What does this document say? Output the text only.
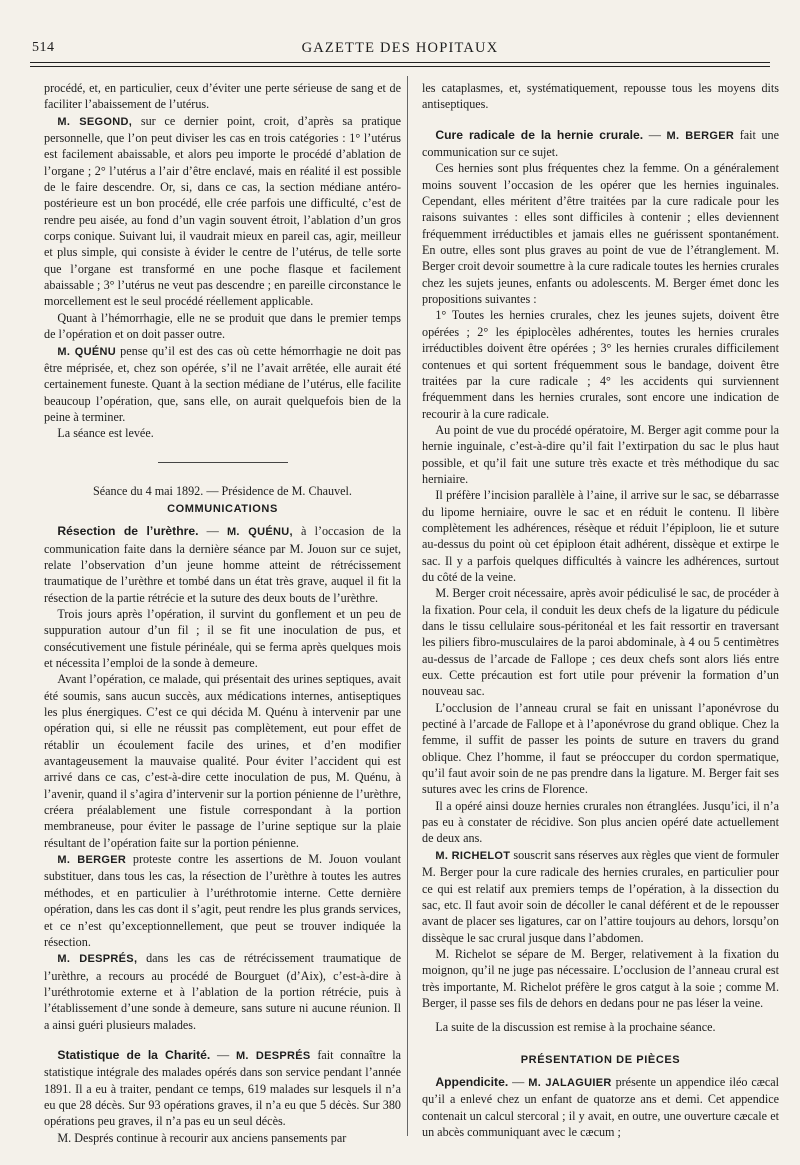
514	GAZETTE DES HOPITAUX

procédé, et, en particulier, ceux d’éviter une perte sérieuse de sang et de faciliter l’abaissement de l’utérus.

M. SEGOND, sur ce dernier point, croit, d’après sa pratique personnelle, que l’on peut diviser les cas en trois catégories : 1° l’utérus est facilement abaissable, et alors peu importe le procédé d’ablation de l’organe ; 2° l’utérus a l’air d’être enclavé, mais en réalité il est possible de le faire descendre. Or, si, dans ce cas, la section médiane antéro-postérieure est un bon procédé, elle crée parfois une difficulté, c’est de rendre peu aisée, au fond d’un vagin souvent étroit, l’ablation d’un gros corps conique. Suivant lui, il vaudrait mieux en pareil cas, agir, meilleur et plus simple, qui consiste à évider le centre de l’utérus, de telle sorte que l’organe est transformé en une poche flasque et facilement abaissable ; 3° l’utérus ne veut pas descendre ; en pareille circonstance le morcellement est le seul procédé réellement applicable.

Quant à l’hémorrhagie, elle ne se produit que dans le premier temps de l’opération et on doit passer outre.

M. QUÉNU pense qu’il est des cas où cette hémorrhagie ne doit pas être méprisée, et, chez son opérée, s’il ne l’avait arrêtée, elle aurait été certainement funeste. Quant à la section médiane de l’utérus, elle facilite beaucoup l’opération, que, sans elle, on aurait quelquefois bien de la peine à terminer.

La séance est levée.

Séance du 4 mai 1892. — Présidence de M. Chauvel.

COMMUNICATIONS

Résection de l’urèthre. — M. QUÉNU, à l’occasion de la communication faite dans la dernière séance par M. Jouon sur ce sujet, relate l’observation d’un jeune homme atteint de rétrécissement traumatique de l’urèthre et tombé dans un état très grave, auquel il fit la résection de la partie rétrécie et la suture des deux bouts de l’urèthre.

Trois jours après l’opération, il survint du gonflement et un peu de suppuration autour d’un fil ; il se fit une inoculation de pus, et consécutivement une fistule périnéale, qui se ferma après quelques mois et nécessita l’emploi de la sonde à demeure.

Avant l’opération, ce malade, qui présentait des urines septiques, avait été soumis, sans aucun succès, aux médications internes, antiseptiques les plus énergiques. C’est ce qui décida M. Quénu à intervenir par une opération qui, si elle ne réussit pas complètement, eut pour effet de rétablir un écoulement facile des urines, et d’en modifier avantageusement la mauvaise qualité. Pour éviter l’accident qui est arrivé dans ce cas, c’est-à-dire cette inoculation de pus, M. Quénu, à l’avenir, quand il s’agira d’intervenir sur la portion pénienne de l’urèthre, créera préalablement une fistule correspondant à la portion membraneuse, pour éviter le passage de l’urine septique sur la plaie résultant de l’opération faite sur la portion pénienne.

M. BERGER proteste contre les assertions de M. Jouon voulant substituer, dans tous les cas, la résection de l’urèthre à toutes les autres méthodes, et en particulier à l’uréthrotomie interne. Cette dernière opération, dans les cas dont il s’agit, peut rendre les plus grands services, et ce n’est qu’exceptionnellement, que peut se trouver indiquée la résection.

M. DESPRÉS, dans les cas de rétrécissement traumatique de l’urèthre, a recours au procédé de Bourguet (d’Aix), c’est-à-dire à l’uréthrotomie externe et à l’ablation de la portion rétrécie, puis à l’établissement d’une sonde à demeure, sans suture ni aucune réunion. Il a ainsi guéri plusieurs malades.

Statistique de la Charité. — M. DESPRÉS fait connaître la statistique intégrale des malades opérés dans son service pendant l’année 1891. Il a eu à traiter, pendant ce temps, 619 malades sur lesquels il n’a eu que 28 décès. Sur 93 opérations graves, il n’a eu que 5 décès. Sur 380 opérations peu graves, il n’a pas eu un seul décès.

M. Després continue à recourir aux anciens pansements par

les cataplasmes, et, systématiquement, repousse tous les moyens dits antiseptiques.

Cure radicale de la hernie crurale. — M. BERGER fait une communication sur ce sujet.

Ces hernies sont plus fréquentes chez la femme. On a généralement moins souvent l’occasion de les opérer que les hernies inguinales. Cependant, elles méritent d’être traitées par la cure radicale pour les raisons suivantes : elles sont difficiles à contenir ; elles deviennent fréquemment irréductibles et jamais elles ne guérissent spontanément. En outre, elles sont plus graves au point de vue de l’étranglement. M. Berger croit devoir soumettre à la cure radicale toutes les hernies crurales chez les sujets jeunes, enfants ou adolescents. M. Berger émet donc les propositions suivantes :

1° Toutes les hernies crurales, chez les jeunes sujets, doivent être opérées ; 2° les épiplocèles adhérentes, toutes les hernies crurales irréductibles doivent être opérées ; 3° les hernies crurales difficilement contenues et qui sortent fréquemment sous le bandage, doivent être traitées par la cure radicale ; 4° les accidents qui surviennent fréquemment dans les hernies crurales, sont encore une indication de recourir à la cure radicale.

Au point de vue du procédé opératoire, M. Berger agit comme pour la hernie inguinale, c’est-à-dire qu’il fait l’extirpation du sac le plus haut possible, et qu’il fait une suture très exacte et très méthodique du sac herniaire.

Il préfère l’incision parallèle à l’aine, il arrive sur le sac, se débarrasse du lipome herniaire, ouvre le sac et en réduit le contenu. Il libère complètement les adhérences, résèque et réduit l’épiploon, lie et suture au-dessus du point où cet épiploon était adhérent, dissèque et extirpe le sac. Il y a parfois quelques difficultés à vaincre les adhérences, surtout du côté de la veine.

M. Berger croit nécessaire, après avoir pédiculisé le sac, de procéder à la fixation. Pour cela, il conduit les deux chefs de la ligature du pédicule dans le tissu cellulaire sous-péritonéal et les fait ressortir en traversant les piliers fibro-musculaires de la paroi abdominale, à 4 ou 5 centimètres au-dessus de l’arcade de Fallope ; ces deux chefs sont alors liés entre eux. Cette précaution est fort utile pour prévenir la formation d’un nouveau sac.

L’occlusion de l’anneau crural se fait en unissant l’aponévrose du pectiné à l’arcade de Fallope et à l’aponévrose du grand oblique. Chez la femme, il suffit de passer les points de suture en travers du grand oblique. Chez l’homme, il faut se préoccuper du cordon spermatique, qu’il faut avoir soin de ne pas prendre dans la ligature. M. Berger fait ses sutures avec les crins de Florence.

Il a opéré ainsi douze hernies crurales non étranglées. Jusqu’ici, il n’a pas eu à constater de récidive. Son plus ancien opéré date actuellement de deux ans.

M. RICHELOT souscrit sans réserves aux règles que vient de formuler M. Berger pour la cure radicale des hernies crurales, en particulier pour ce qui est relatif aux premiers temps de l’opération, à la dissection du sac, etc. Il faut avoir soin de décoller le canal déférent et de le repousser avant de placer ses ligatures, car on l’attire toujours au dehors, lorsqu’on dissèque le sac crural jusque dans l’abdomen.

M. Richelot se sépare de M. Berger, relativement à la fixation du moignon, qu’il ne juge pas nécessaire. L’occlusion de l’anneau crural est très importante, M. Richelot préfère le gros catgut à la soie ; comme M. Berger, il passe ses fils de dehors en dedans pour ne pas léser la veine.

La suite de la discussion est remise à la prochaine séance.

PRÉSENTATION DE PIÈCES

Appendicite. — M. JALAGUIER présente un appendice iléo cæcal qu’il a enlevé chez un enfant de quatorze ans et demi. Cet appendice contenait un calcul stercoral ; il y avait, en outre, une ouverture cæcale et un abcès communiquant avec le cæcum ;
